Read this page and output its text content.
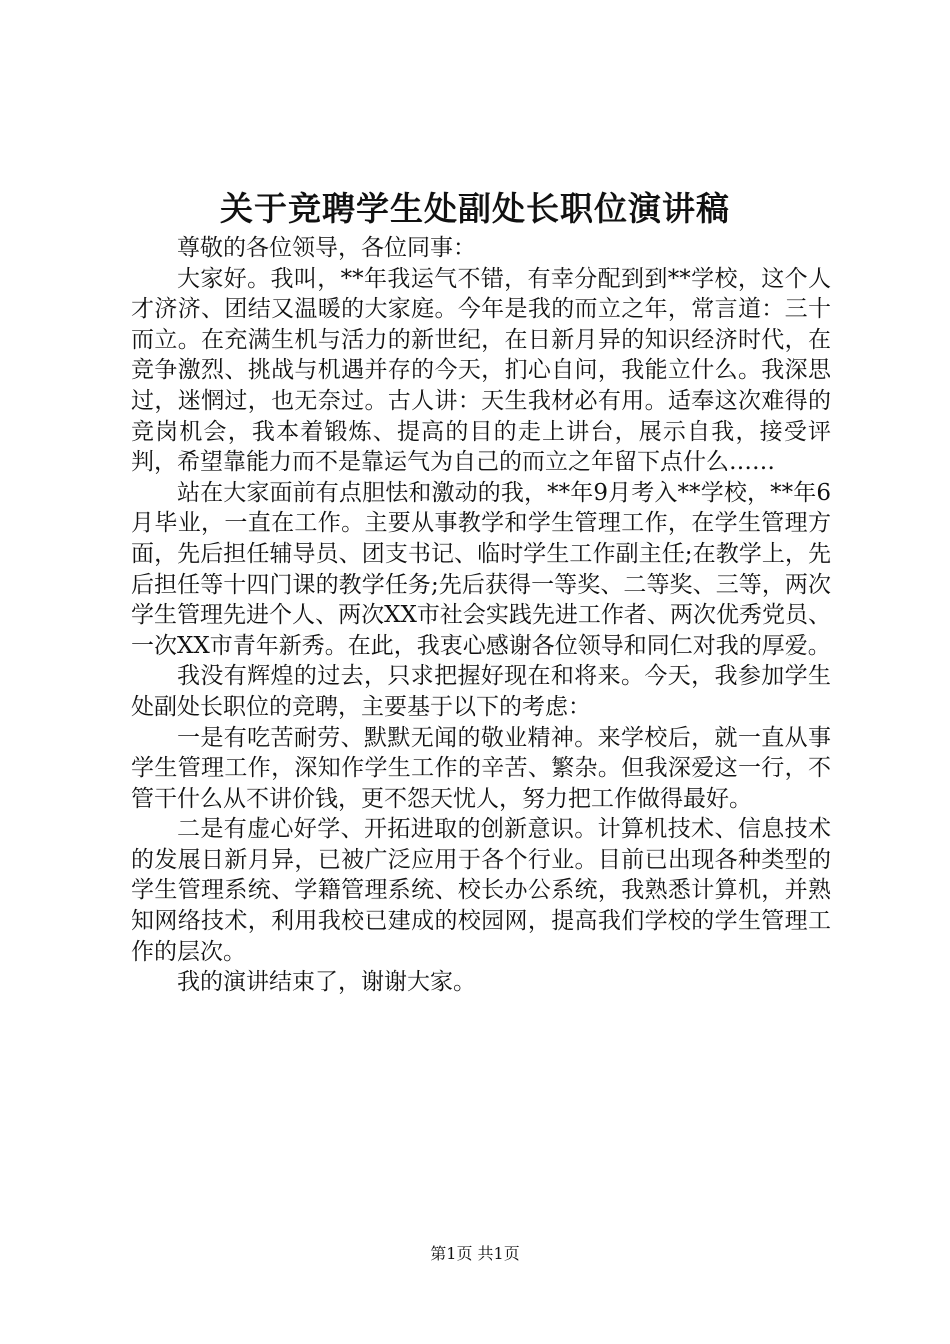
关于竞聘学生处副处长职位演讲稿

尊敬的各位领导，各位同事：

大家好。我叫，**年我运气不错，有幸分配到到**学校，这个人才济济、团结又温暖的大家庭。今年是我的而立之年，常言道：三十而立。在充满生机与活力的新世纪，在日新月异的知识经济时代，在竞争激烈、挑战与机遇并存的今天，扪心自问，我能立什么。我深思过，迷惘过，也无奈过。古人讲：天生我材必有用。适奉这次难得的竞岗机会，我本着锻炼、提高的目的走上讲台，展示自我，接受评判，希望靠能力而不是靠运气为自己的而立之年留下点什么……

站在大家面前有点胆怯和激动的我，**年9月考入**学校，**年6月毕业，一直在工作。主要从事教学和学生管理工作，在学生管理方面，先后担任辅导员、团支书记、临时学生工作副主任;在教学上，先后担任等十四门课的教学任务;先后获得一等奖、二等奖、三等，两次学生管理先进个人、两次XX市社会实践先进工作者、两次优秀党员、一次XX市青年新秀。在此，我衷心感谢各位领导和同仁对我的厚爱。

我没有辉煌的过去，只求把握好现在和将来。今天，我参加学生处副处长职位的竞聘，主要基于以下的考虑：

一是有吃苦耐劳、默默无闻的敬业精神。来学校后，就一直从事学生管理工作，深知作学生工作的辛苦、繁杂。但我深爱这一行，不管干什么从不讲价钱，更不怨天忧人，努力把工作做得最好。

二是有虚心好学、开拓进取的创新意识。计算机技术、信息技术的发展日新月异，已被广泛应用于各个行业。目前已出现各种类型的学生管理系统、学籍管理系统、校长办公系统，我熟悉计算机，并熟知网络技术，利用我校已建成的校园网，提高我们学校的学生管理工作的层次。

我的演讲结束了，谢谢大家。

第1页 共1页
